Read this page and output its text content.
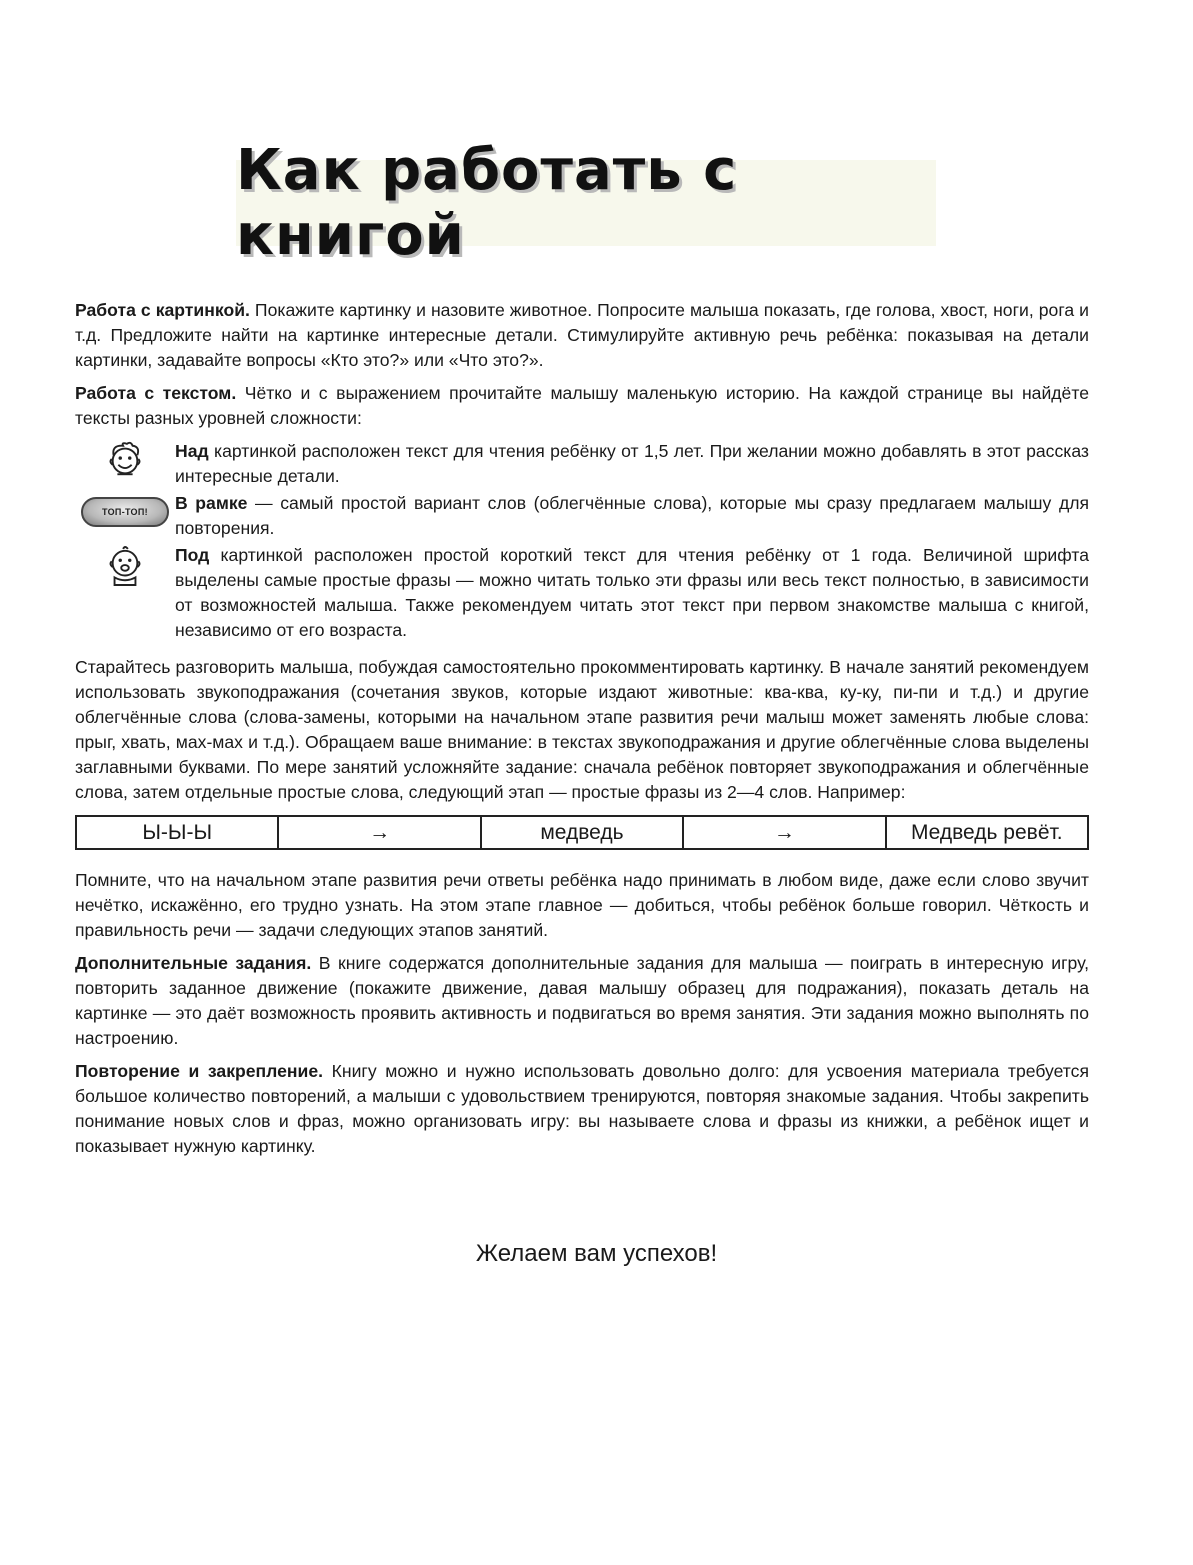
Как работать с книгой

Работа с картинкой. Покажите картинку и назовите животное. Попросите малыша показать, где голова, хвост, ноги, рога и т.д. Предложите найти на картинке интересные детали. Стимулируйте активную речь ребёнка: показывая на детали картинки, задавайте вопросы «Кто это?» или «Что это?».

Работа с текстом. Чётко и с выражением прочитайте малышу маленькую историю. На каждой странице вы найдёте тексты разных уровней сложности:

Над картинкой расположен текст для чтения ребёнку от 1,5 лет. При желании можно добавлять в этот рассказ интересные детали.
ТОП-ТОП! В рамке — самый простой вариант слов (облегчённые слова), которые мы сразу предлагаем малышу для повторения.
Под картинкой расположен простой короткий текст для чтения ребёнку от 1 года. Величиной шрифта выделены самые простые фразы — можно читать только эти фразы или весь текст полностью, в зависимости от возможностей малыша. Также рекомендуем читать этот текст при первом знакомстве малыша с книгой, независимо от его возраста.

Старайтесь разговорить малыша, побуждая самостоятельно прокомментировать картинку. В начале занятий рекомендуем использовать звукоподражания (сочетания звуков, которые издают животные: ква-ква, ку-ку, пи-пи и т.д.) и другие облегчённые слова (слова-замены, которыми на начальном этапе развития речи малыш может заменять любые слова: прыг, хвать, мах-мах и т.д.). Обращаем ваше внимание: в текстах звукоподражания и другие облегчённые слова выделены заглавными буквами. По мере занятий усложняйте задание: сначала ребёнок повторяет звукоподражания и облегчённые слова, затем отдельные простые слова, следующий этап — простые фразы из 2—4 слов. Например:

Ы-Ы-Ы	→	медведь	→	Медведь ревёт.

Помните, что на начальном этапе развития речи ответы ребёнка надо принимать в любом виде, даже если слово звучит нечётко, искажённо, его трудно узнать. На этом этапе главное — добиться, чтобы ребёнок больше говорил. Чёткость и правильность речи — задачи следующих этапов занятий.

Дополнительные задания. В книге содержатся дополнительные задания для малыша — поиграть в интересную игру, повторить заданное движение (покажите движение, давая малышу образец для подражания), показать деталь на картинке — это даёт возможность проявить активность и подвигаться во время занятия. Эти задания можно выполнять по настроению.

Повторение и закрепление. Книгу можно и нужно использовать довольно долго: для усвоения материала требуется большое количество повторений, а малыши с удовольствием тренируются, повторяя знакомые задания. Чтобы закрепить понимание новых слов и фраз, можно организовать игру: вы называете слова и фразы из книжки, а ребёнок ищет и показывает нужную картинку.

Желаем вам успехов!
